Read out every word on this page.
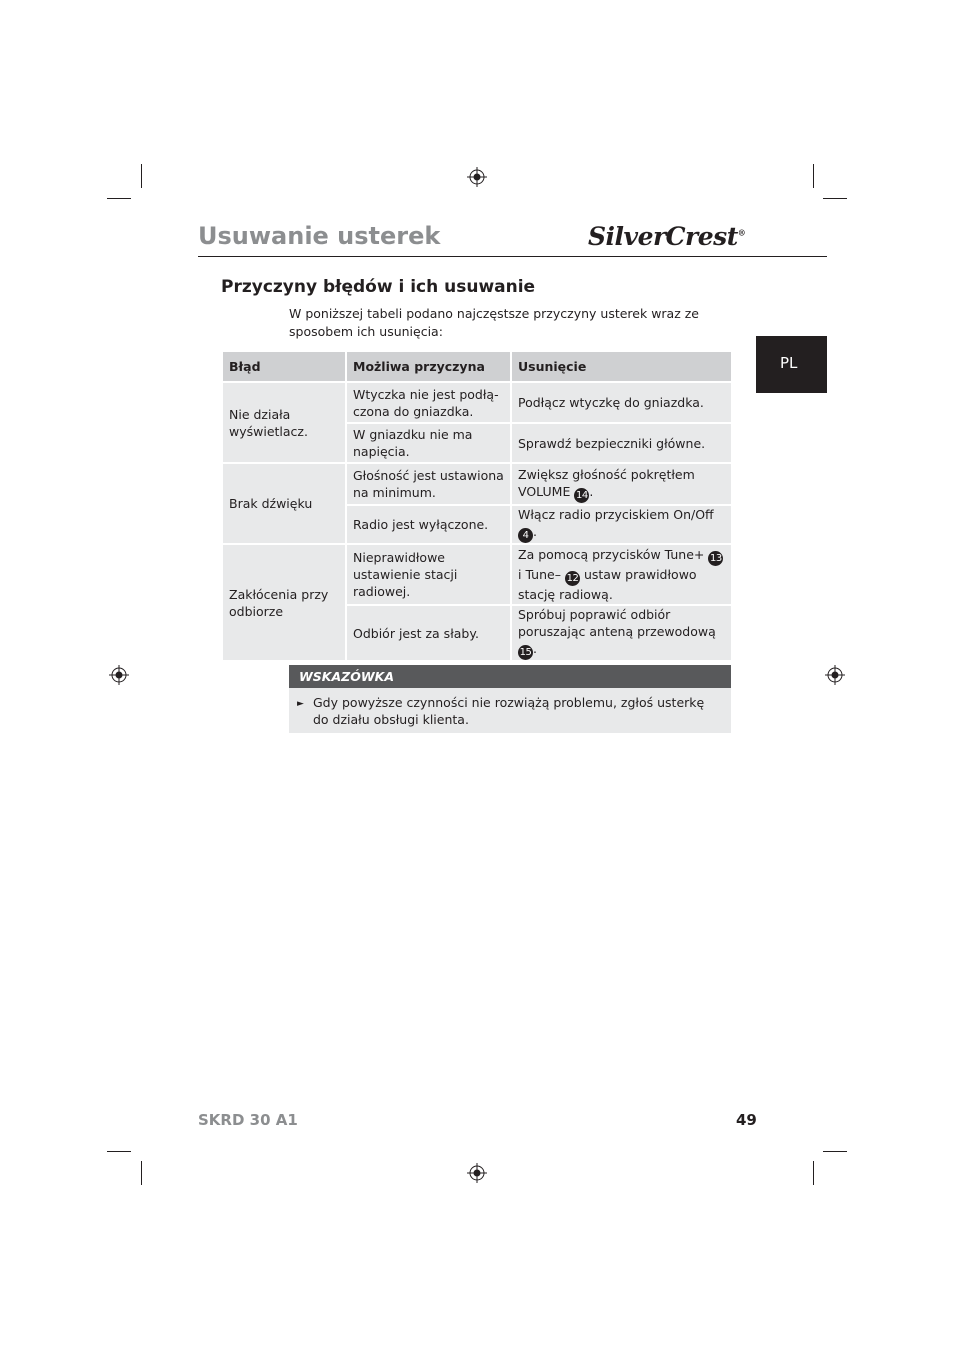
Usuwanie usterek	SilverCrest®
PL
Przyczyny błędów i ich usuwanie
W poniższej tabeli podano najczęstsze przyczyny usterek wraz ze sposobem ich usunięcia:
Błąd	Możliwa przyczyna	Usunięcie
Nie działa wyświetlacz.	Wtyczka nie jest podłą-czona do gniazdka.	Podłącz wtyczkę do gniazdka.
	W gniazdku nie ma napięcia.	Sprawdź bezpieczniki główne.
Brak dźwięku	Głośność jest ustawiona na minimum.	Zwiększ głośność pokrętłem VOLUME 14 .
	Radio jest wyłączone.	Włącz radio przyciskiem On/Off 4 .
Zakłócenia przy odbiorze	Nieprawidłowe ustawienie stacji radiowej.	Za pomocą przycisków Tune+ 13 i Tune– 12 ustaw prawidłowo stację radiową.
	Odbiór jest za słaby.	Spróbuj poprawić odbiór poruszając anteną przewodową 15 .
WSKAZÓWKA
► Gdy powyższe czynności nie rozwiążą problemu, zgłoś usterkę do działu obsługi klienta.
SKRD 30 A1	49
